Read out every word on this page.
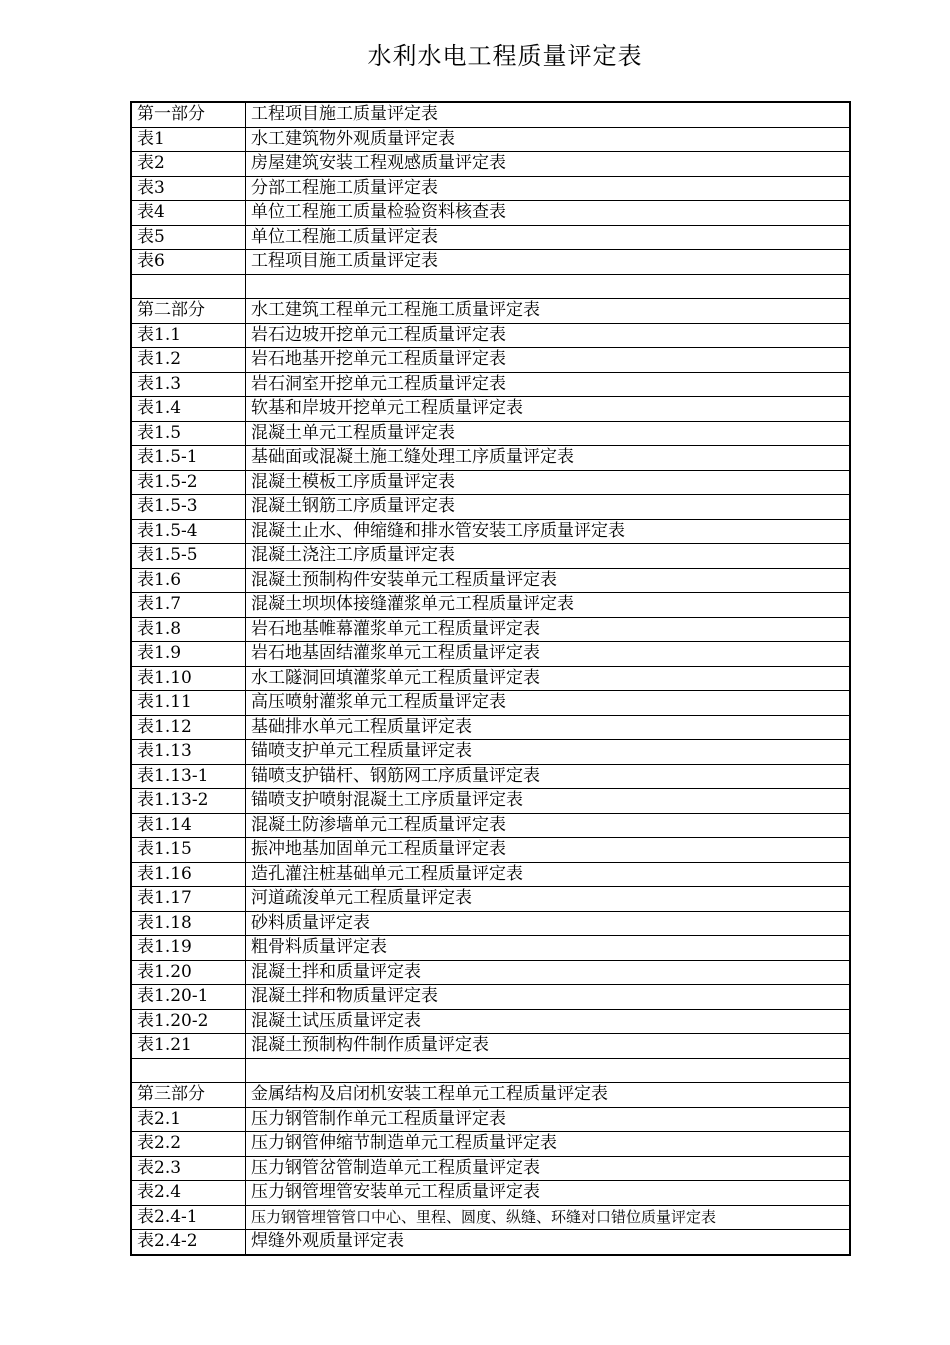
水利水电工程质量评定表
第一部分	工程项目施工质量评定表
表1	水工建筑物外观质量评定表
表2	房屋建筑安装工程观感质量评定表
表3	分部工程施工质量评定表
表4	单位工程施工质量检验资料核查表
表5	单位工程施工质量评定表
表6	工程项目施工质量评定表

第二部分	水工建筑工程单元工程施工质量评定表
表1.1	岩石边坡开挖单元工程质量评定表
表1.2	岩石地基开挖单元工程质量评定表
表1.3	岩石洞室开挖单元工程质量评定表
表1.4	软基和岸坡开挖单元工程质量评定表
表1.5	混凝土单元工程质量评定表
表1.5-1	基础面或混凝土施工缝处理工序质量评定表
表1.5-2	混凝土模板工序质量评定表
表1.5-3	混凝土钢筋工序质量评定表
表1.5-4	混凝土止水、伸缩缝和排水管安装工序质量评定表
表1.5-5	混凝土浇注工序质量评定表
表1.6	混凝土预制构件安装单元工程质量评定表
表1.7	混凝土坝坝体接缝灌浆单元工程质量评定表
表1.8	岩石地基帷幕灌浆单元工程质量评定表
表1.9	岩石地基固结灌浆单元工程质量评定表
表1.10	水工隧洞回填灌浆单元工程质量评定表
表1.11	高压喷射灌浆单元工程质量评定表
表1.12	基础排水单元工程质量评定表
表1.13	锚喷支护单元工程质量评定表
表1.13-1	锚喷支护锚杆、钢筋网工序质量评定表
表1.13-2	锚喷支护喷射混凝土工序质量评定表
表1.14	混凝土防渗墙单元工程质量评定表
表1.15	振冲地基加固单元工程质量评定表
表1.16	造孔灌注桩基础单元工程质量评定表
表1.17	河道疏浚单元工程质量评定表
表1.18	砂料质量评定表
表1.19	粗骨料质量评定表
表1.20	混凝土拌和质量评定表
表1.20-1	混凝土拌和物质量评定表
表1.20-2	混凝土试压质量评定表
表1.21	混凝土预制构件制作质量评定表

第三部分	金属结构及启闭机安装工程单元工程质量评定表
表2.1	压力钢管制作单元工程质量评定表
表2.2	压力钢管伸缩节制造单元工程质量评定表
表2.3	压力钢管岔管制造单元工程质量评定表
表2.4	压力钢管埋管安装单元工程质量评定表
表2.4-1	压力钢管埋管管口中心、里程、圆度、纵缝、环缝对口错位质量评定表
表2.4-2	焊缝外观质量评定表
